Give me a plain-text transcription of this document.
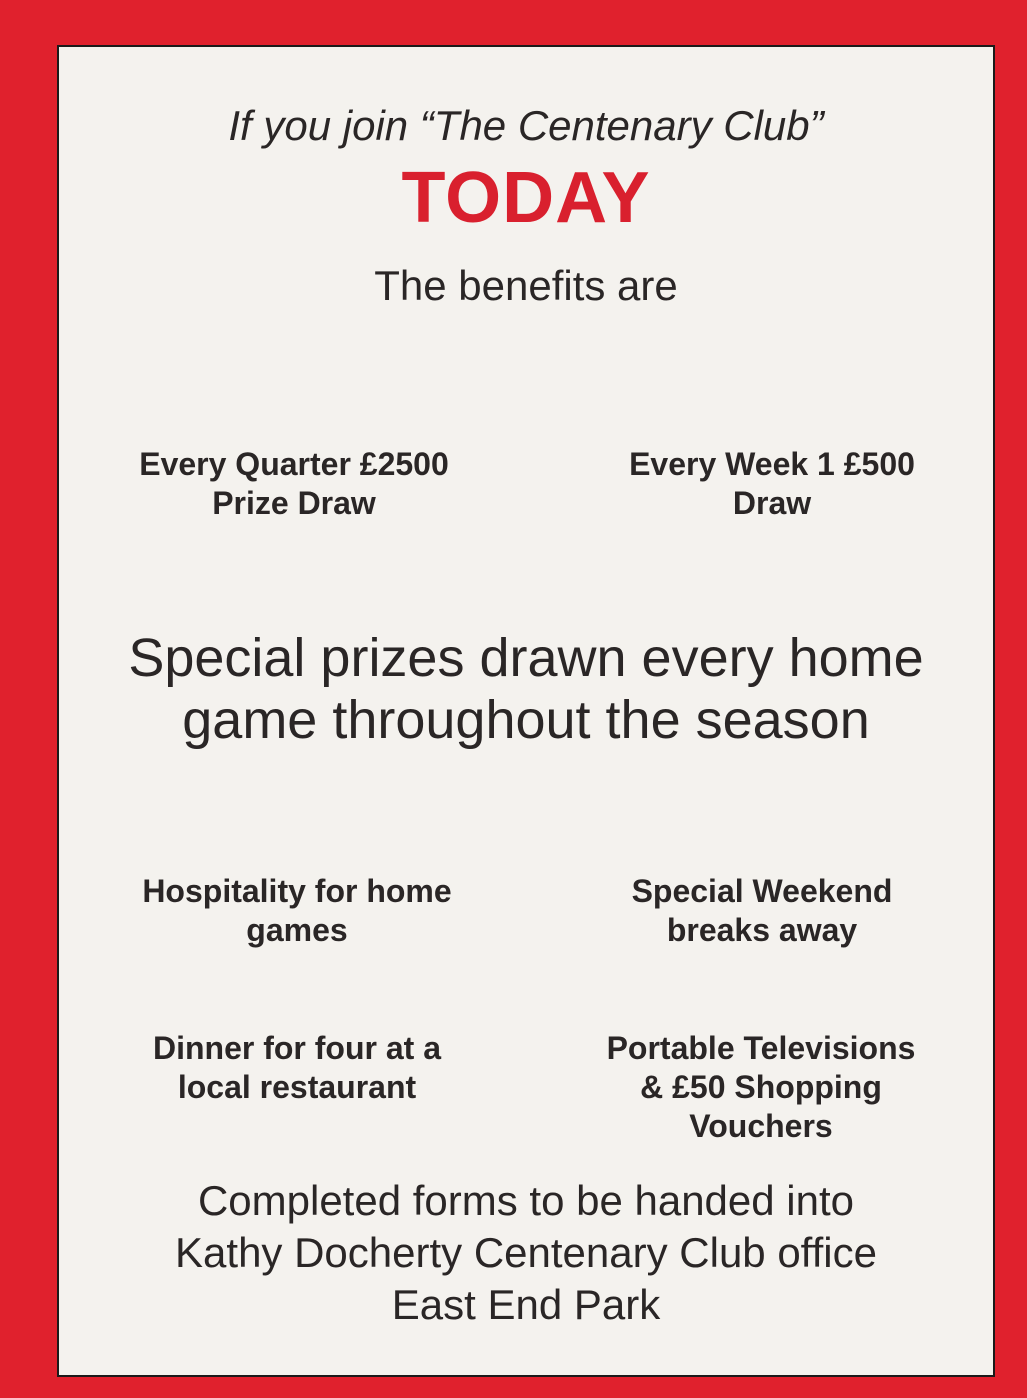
If you join “The Centenary Club”
TODAY
The benefits are
Every Quarter £2500
Prize Draw
Every Week 1 £500
Draw
Special prizes drawn every home
game throughout the season
Hospitality for home
games
Special Weekend
breaks away
Dinner for four at a
local restaurant
Portable Televisions
& £50 Shopping
Vouchers
Completed forms to be handed into
Kathy Docherty Centenary Club office
East End Park
